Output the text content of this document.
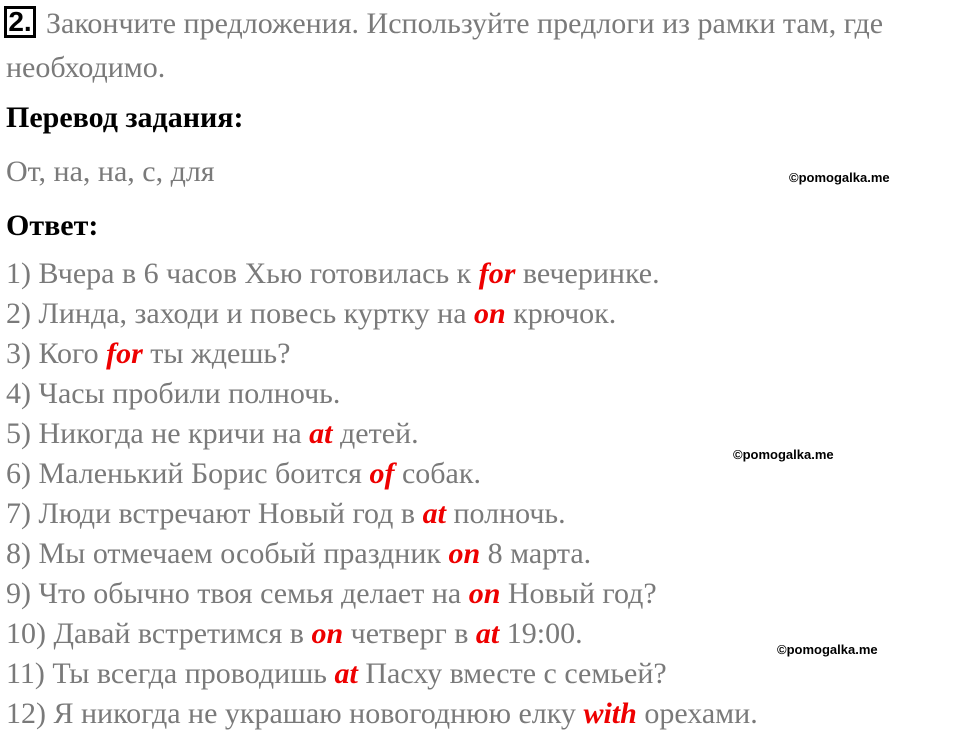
2. Закончите предложения. Используйте предлоги из рамки там, где
необходимо.
Перевод задания:
От, на, на, с, для	©pomogalka.me
Ответ:
1) Вчера в 6 часов Хью готовилась к for вечеринке.
2) Линда, заходи и повесь куртку на on крючок.
3) Кого for ты ждешь?
4) Часы пробили полночь.
5) Никогда не кричи на at детей.
6) Маленький Борис боится of собак.
7) Люди встречают Новый год в at полночь.
8) Мы отмечаем особый праздник on 8 марта.
9) Что обычно твоя семья делает на on Новый год?
10) Давай встретимся в on четверг в at 19:00.
11) Ты всегда проводишь at Пасху вместе с семьей?
12) Я никогда не украшаю новогоднюю елку with орехами.
©pomogalka.me
©pomogalka.me
